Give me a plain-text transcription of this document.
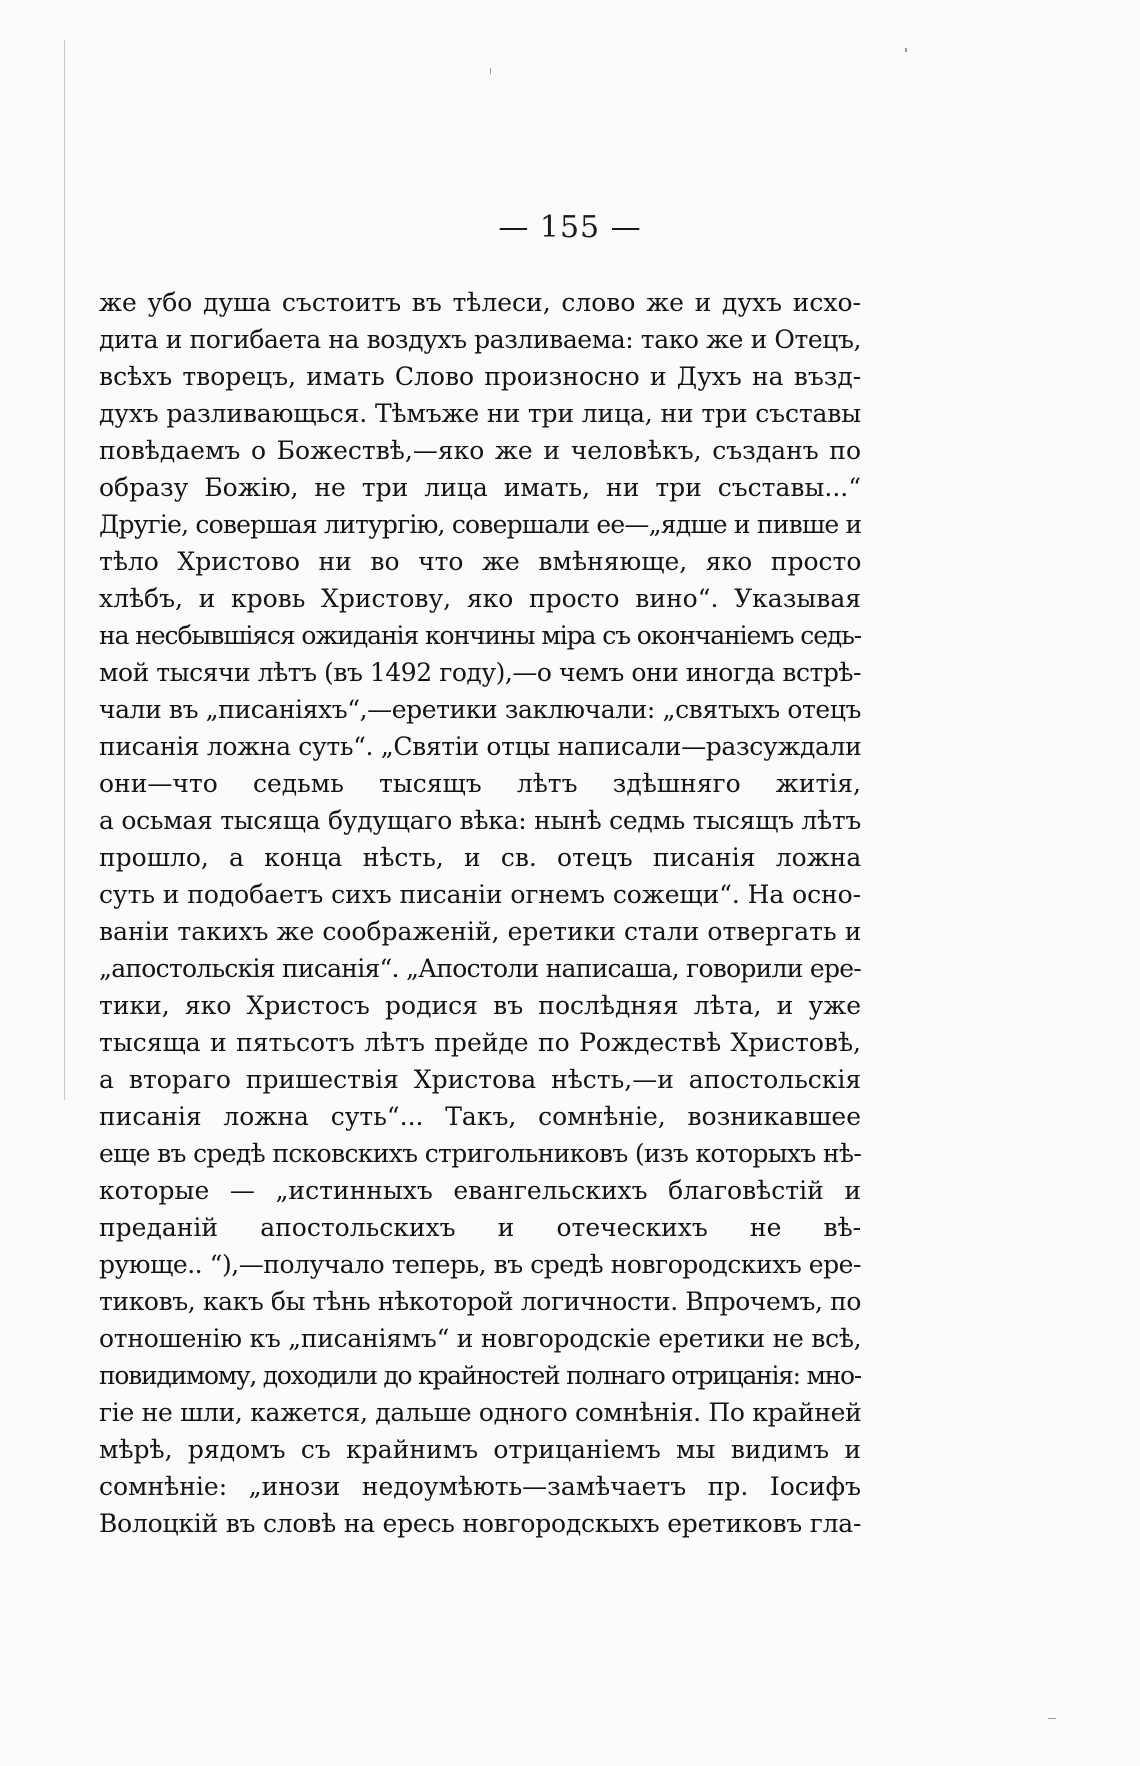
— 155 —
же убо душа състоитъ въ тѣлеси, слово же и духъ исхо-
дита и погибаета на воздухъ разливаема: тако же и Отецъ,
всѣхъ творецъ, имать Слово произносно и Духъ на възд-
духъ разливающься. Тѣмъже ни три лица, ни три съставы
повѣдаемъ о Божествѣ,—яко же и человѣкъ, създанъ по
образу Божiю, не три лица имать, ни три съставы...“
Другiе, совершая литургiю, совершали ее—„ядше и пивше и
тѣло Христово ни во что же вмѣняюще, яко просто
хлѣбъ, и кровь Христову, яко просто вино“. Указывая
на несбывшiяся ожиданiя кончины мiра съ окончанiемъ седь-
мой тысячи лѣтъ (въ 1492 году),—о чемъ они иногда встрѣ-
чали въ „писанiяхъ“,—еретики заключали: „святыхъ отецъ
писанiя ложна суть“. „Святiи отцы написали—разсуждали
они—что седьмь тысящъ лѣтъ здѣшняго житiя,
а осьмая тысяща будущаго вѣка: нынѣ седмь тысящъ лѣтъ
прошло, а конца нѣсть, и св. отецъ писанiя ложна
суть и подобаетъ сихъ писанiи огнемъ сожещи“. На осно-
ванiи такихъ же соображенiй, еретики стали отвергать и
„апостольскiя писанiя“. „Апостоли написаша, говорили ере-
тики, яко Христосъ родися въ послѣдняя лѣта, и уже
тысяща и пятьсотъ лѣтъ прейде по Рождествѣ Христовѣ,
а втораго пришествiя Христова нѣсть,—и апостольскiя
писанiя ложна суть“... Такъ, сомнѣнiе, возникавшее
еще въ средѣ псковскихъ стригольниковъ (изъ которыхъ нѣ-
которые — „истинныхъ евангельскихъ благовѣстiй и
преданiй апостольскихъ и отеческихъ не вѣ-
рующе.. “),—получало теперь, въ средѣ новгородскихъ ере-
тиковъ, какъ бы тѣнь нѣкоторой логичности. Впрочемъ, по
отношенiю къ „писанiямъ“ и новгородскiе еретики не всѣ,
повидимому, доходили до крайностей полнаго отрицанiя: мно-
гiе не шли, кажется, дальше одного сомнѣнiя. По крайней
мѣрѣ, рядомъ съ крайнимъ отрицанiемъ мы видимъ и
сомнѣнiе: „инози недоумѣють—замѣчаетъ пр. Iосифъ
Волоцкiй въ словѣ на ересь новгородскыхъ еретиковъ гла-
